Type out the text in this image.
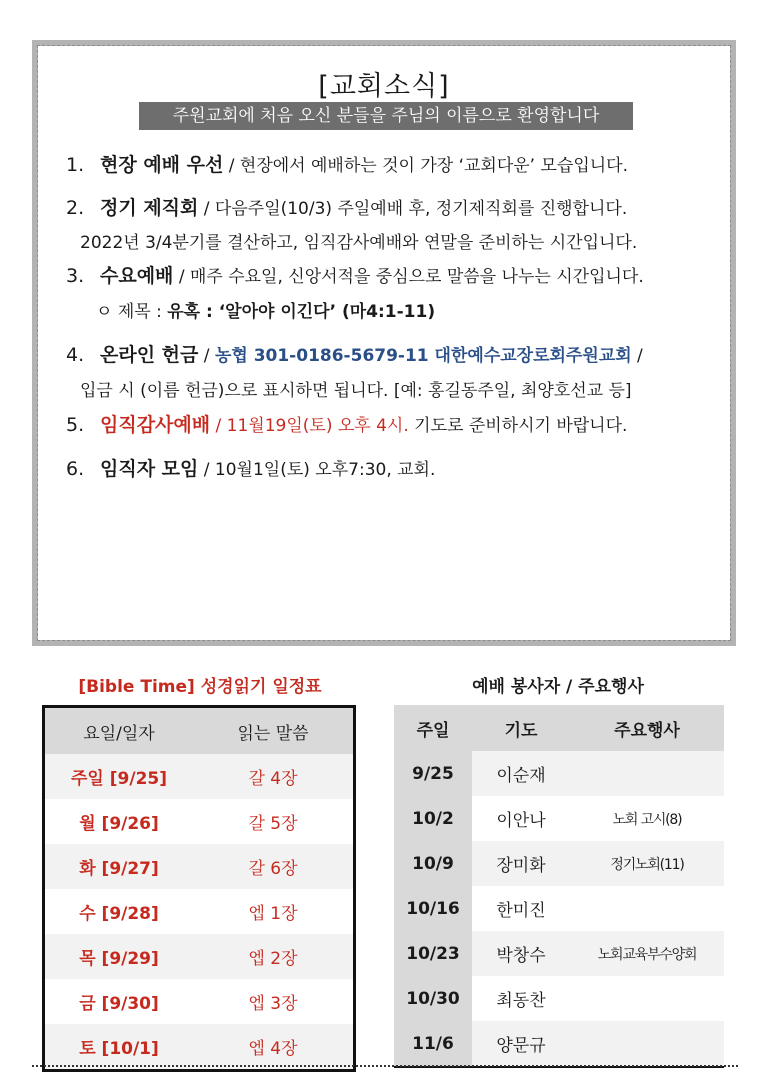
[교회소식]
주원교회에 처음 오신 분들을 주님의 이름으로 환영합니다
1. 현장 예배 우선 / 현장에서 예배하는 것이 가장 ‘교회다운’ 모습입니다.
2. 정기 제직회 / 다음주일(10/3) 주일예배 후, 정기제직회를 진행합니다.
2022년 3/4분기를 결산하고, 임직감사예배와 연말을 준비하는 시간입니다.
3. 수요예배 / 매주 수요일, 신앙서적을 중심으로 말씀을 나누는 시간입니다.
ㅇ 제목 : 유혹 : ‘알아야 이긴다’ (마4:1-11)
4. 온라인 헌금 / 농협 301-0186-5679-11 대한예수교장로회주원교회 /
입금 시 (이름 헌금)으로 표시하면 됩니다. [예: 홍길동주일, 최양호선교 등]
5. 임직감사예배 / 11월19일(토) 오후 4시. 기도로 준비하시기 바랍니다.
6. 임직자 모임 / 10월1일(토) 오후7:30, 교회.
[Bible Time] 성경읽기 일정표
요일/일자	읽는 말씀
주일 [9/25]	갈 4장
월 [9/26]	갈 5장
화 [9/27]	갈 6장
수 [9/28]	엡 1장
목 [9/29]	엡 2장
금 [9/30]	엡 3장
토 [10/1]	엡 4장
예배 봉사자 / 주요행사
주일	기도	주요행사
9/25	이순재	
10/2	이안나	노회 고시(8)
10/9	장미화	정기노회(11)
10/16	한미진	
10/23	박창수	노회교육부수양회
10/30	최동찬	
11/6	양문규	
